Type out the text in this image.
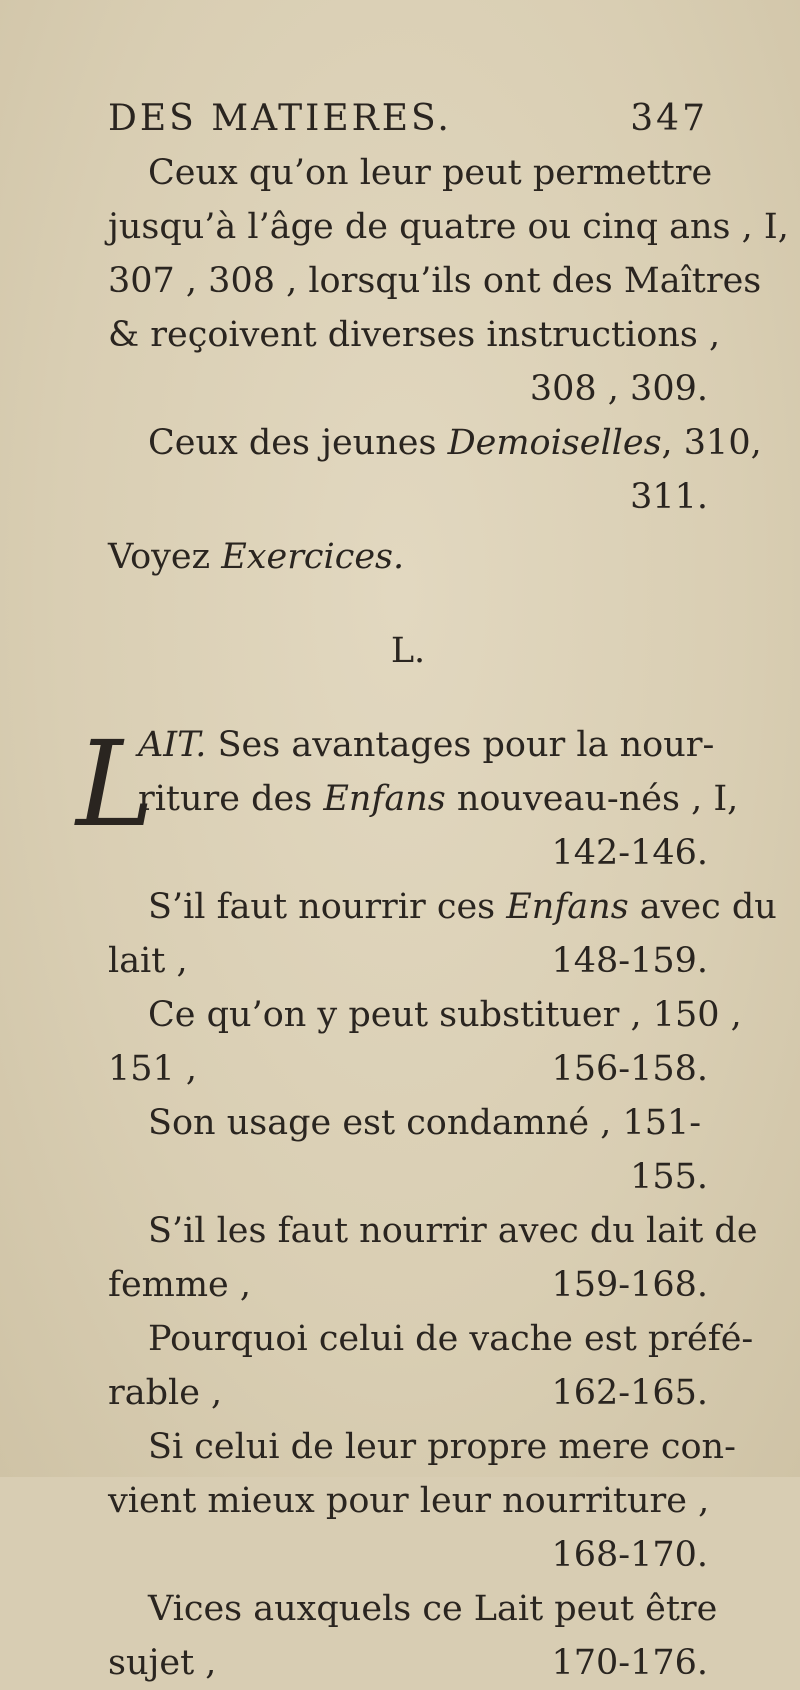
DES MATIERES.	347
Ceux qu’on leur peut permettre
jusqu’à l’âge de quatre ou cinq ans , I,
307 , 308 , lorsqu’ils ont des Maîtres
& reçoivent diverses instructions ,
308 , 309.
Ceux des jeunes Demoiselles, 310,
311.
Voyez Exercices.
L.
L
AIT. Ses avantages pour la nour-
riture des Enfans nouveau-nés , I,
142-146.
S’il faut nourrir ces Enfans avec du
lait ,	148-159.
Ce qu’on y peut substituer , 150 ,
151 ,	156-158.
Son usage est condamné , 151-
155.
S’il les faut nourrir avec du lait de
femme ,	159-168.
Pourquoi celui de vache est préfé-
rable ,	162-165.
Si celui de leur propre mere con-
vient mieux pour leur nourriture ,
168-170.
Vices auxquels ce Lait peut être
sujet ,	170-176.
